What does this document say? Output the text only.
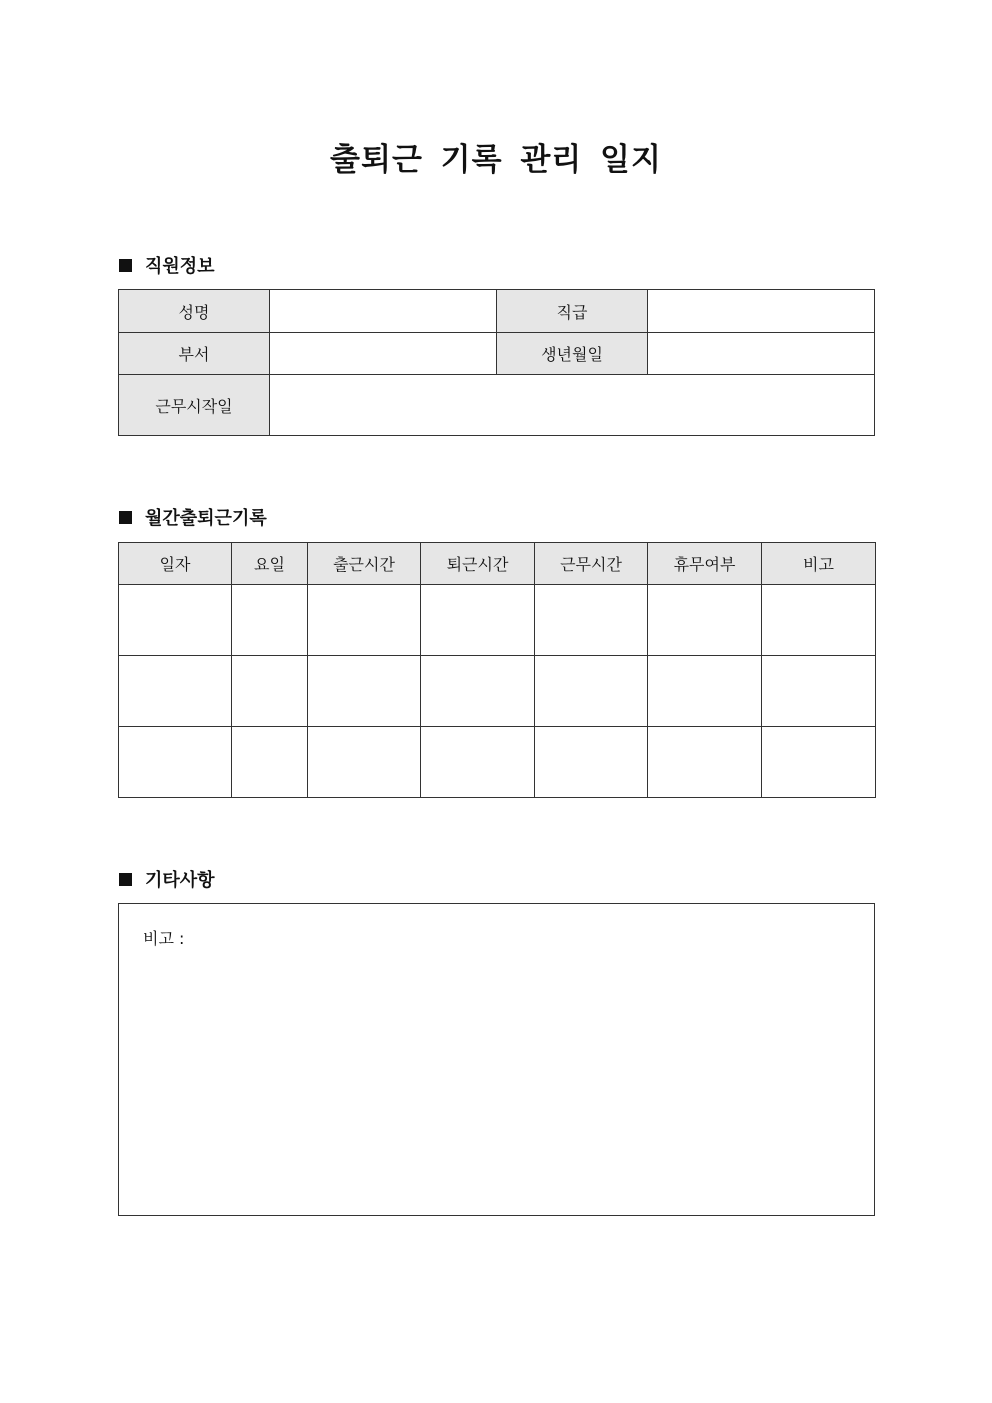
출퇴근 기록 관리 일지
직원정보
성명		직급	
부서		생년월일	
근무시작일			
월간출퇴근기록
일자	요일	출근시간	퇴근시간	근무시간	휴무여부	비고

기타사항
비고 :
